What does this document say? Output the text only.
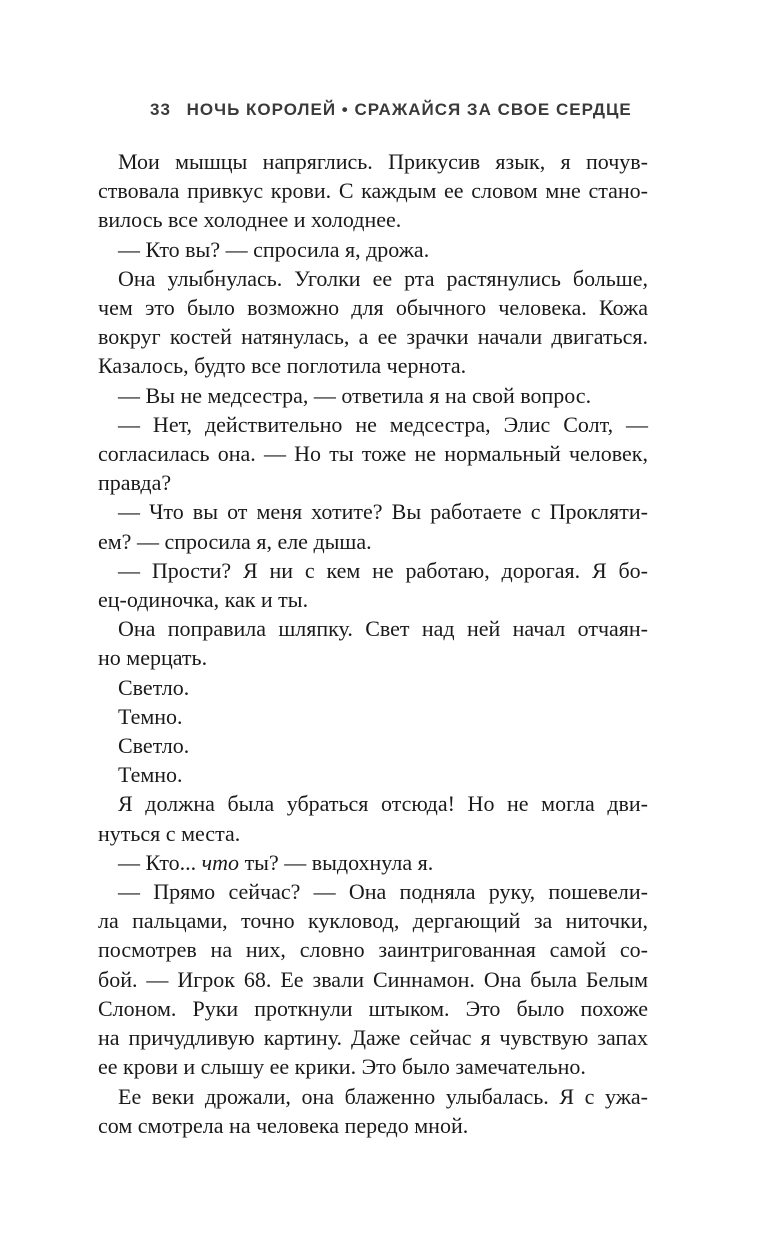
33 НОЧЬ КОРОЛЕЙ • СРАЖАЙСЯ ЗА СВОЕ СЕРДЦЕ
Мои мышцы напряглись. Прикусив язык, я почув-
ствовала привкус крови. С каждым ее словом мне стано-
вилось все холоднее и холоднее.
— Кто вы? — спросила я, дрожа.
Она улыбнулась. Уголки ее рта растянулись больше,
чем это было возможно для обычного человека. Кожа
вокруг костей натянулась, а ее зрачки начали двигаться.
Казалось, будто все поглотила чернота.
— Вы не медсестра, — ответила я на свой вопрос.
— Нет, действительно не медсестра, Элис Солт, —
согласилась она. — Но ты тоже не нормальный человек,
правда?
— Что вы от меня хотите? Вы работаете с Прокляти-
ем? — спросила я, еле дыша.
— Прости? Я ни с кем не работаю, дорогая. Я бо-
ец-одиночка, как и ты.
Она поправила шляпку. Свет над ней начал отчаян-
но мерцать.
Светло.
Темно.
Светло.
Темно.
Я должна была убраться отсюда! Но не могла дви-
нуться с места.
— Кто... что ты? — выдохнула я.
— Прямо сейчас? — Она подняла руку, пошевели-
ла пальцами, точно кукловод, дергающий за ниточки,
посмотрев на них, словно заинтригованная самой со-
бой. — Игрок 68. Ее звали Синнамон. Она была Белым
Слоном. Руки проткнули штыком. Это было похоже
на причудливую картину. Даже сейчас я чувствую запах
ее крови и слышу ее крики. Это было замечательно.
Ее веки дрожали, она блаженно улыбалась. Я с ужа-
сом смотрела на человека передо мной.
